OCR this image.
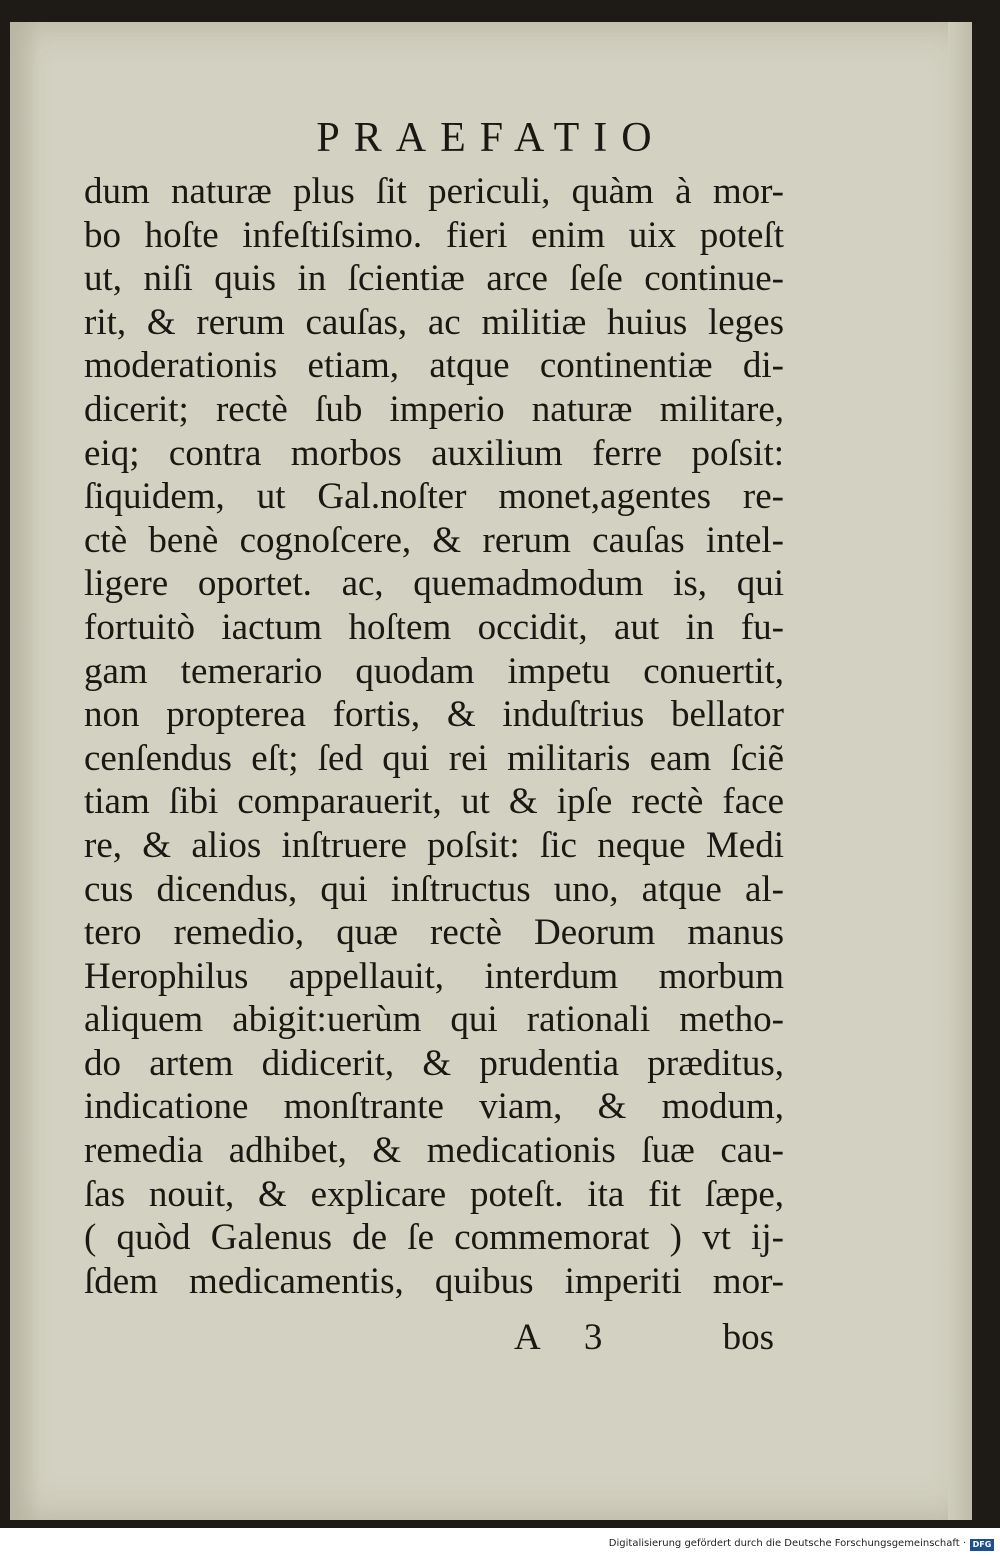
PRAEFATIO
dum naturæ plus ſit periculi, quàm à mor-
bo hoſte infeſtiſsimo. fieri enim uix poteſt
ut, niſi quis in ſcientiæ arce ſeſe continue-
rit, & rerum cauſas, ac militiæ huius leges
moderationis etiam, atque continentiæ di-
dicerit; rectè ſub imperio naturæ militare,
eiq; contra morbos auxilium ferre poſsit:
ſiquidem, ut Gal.noſter monet,agentes re-
ctè benè cognoſcere, & rerum cauſas intel-
ligere oportet. ac, quemadmodum is, qui
fortuitò iactum hoſtem occidit, aut in fu-
gam temerario quodam impetu conuertit,
non propterea fortis, & induſtrius bellator
cenſendus eſt; ſed qui rei militaris eam ſciẽ
tiam ſibi comparauerit, ut & ipſe rectè face
re, & alios inſtruere poſsit: ſic neque Medi
cus dicendus, qui inſtructus uno, atque al-
tero remedio, quæ rectè Deorum manus
Herophilus appellauit, interdum morbum
aliquem abigit:uerùm qui rationali metho-
do artem didicerit, & prudentia præditus,
indicatione monſtrante viam, & modum,
remedia adhibet, & medicationis ſuæ cau-
ſas nouit, & explicare poteſt. ita fit ſæpe,
( quòd Galenus de ſe commemorat ) vt ij-
ſdem medicamentis, quibus imperiti mor-
A 3	bos
Digitalisierung gefördert durch die Deutsche Forschungsgemeinschaft · DFG
